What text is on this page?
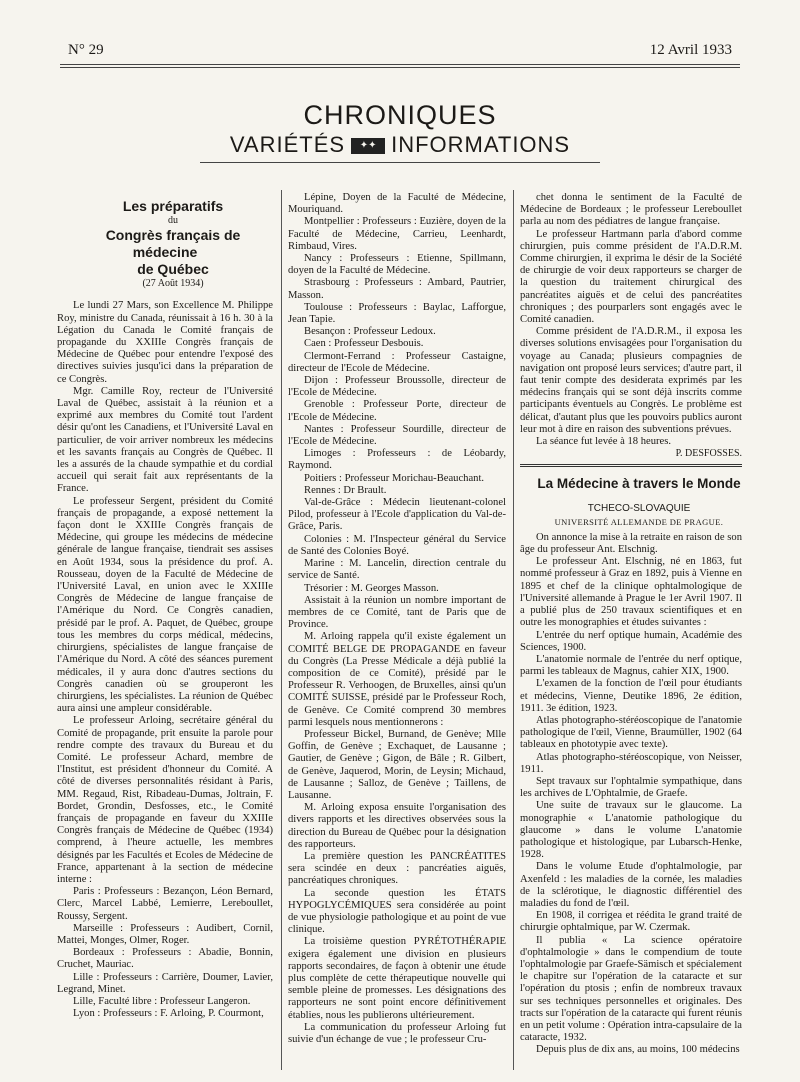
N° 29	12 Avril 1933
CHRONIQUES
VARIÉTÉS ✦✦ INFORMATIONS

Les préparatifs

du

Congrès français de médecine

de Québec

(27 Août 1934)

Le lundi 27 Mars, son Excellence M. Philippe Roy, ministre du Canada, réunissait à 16 h. 30 à la Légation du Canada le Comité français de propagande du XXIIIe Congrès français de Médecine de Québec pour entendre l'exposé des directives suivies jusqu'ici dans la préparation de ce Congrès.

Mgr. Camille Roy, recteur de l'Université Laval de Québec, assistait à la réunion et a exprimé aux membres du Comité tout l'ardent désir qu'ont les Canadiens, et l'Université Laval en particulier, de voir arriver nombreux les médecins et les savants français au Congrès de Québec. Il les a assurés de la chaude sympathie et du cordial accueil qui serait fait aux représentants de la France.

Le professeur Sergent, président du Comité français de propagande, a exposé nettement la façon dont le XXIIIe Congrès français de Médecine, qui groupe les médecins de médecine générale de langue française, tiendrait ses assises en Août 1934, sous la présidence du prof. A. Rousseau, doyen de la Faculté de Médecine de l'Université Laval, en union avec le XXIIIe Congrès de Médecine de langue française de l'Amérique du Nord. Ce Congrès canadien, présidé par le prof. A. Paquet, de Québec, groupe tous les membres du corps médical, médecins, chirurgiens, spécialistes de langue française de l'Amérique du Nord. A côté des séances purement médicales, il y aura donc d'autres sections du Congrès canadien où se grouperont les chirurgiens, les spécialistes. La réunion de Québec aura ainsi une ampleur considérable.

Le professeur Arloing, secrétaire général du Comité de propagande, prit ensuite la parole pour rendre compte des travaux du Bureau et du Comité. Le professeur Achard, membre de l'Institut, est président d'honneur du Comité. A côté de diverses personnalités résidant à Paris, MM. Regaud, Rist, Ribadeau-Dumas, Joltrain, F. Bordet, Grondin, Desfosses, etc., le Comité français de propagande en faveur du XXIIIe Congrès français de Médecine de Québec (1934) comprend, à l'heure actuelle, les membres désignés par les Facultés et Ecoles de Médecine de France, appartenant à la section de médecine interne :

Paris : Professeurs : Bezançon, Léon Bernard, Clerc, Marcel Labbé, Lemierre, Lereboullet, Roussy, Sergent.

Marseille : Professeurs : Audibert, Cornil, Mattei, Monges, Olmer, Roger.

Bordeaux : Professeurs : Abadie, Bonnin, Cruchet, Mauriac.

Lille : Professeurs : Carrière, Doumer, Lavier, Legrand, Minet.

Lille, Faculté libre : Professeur Langeron.

Lyon : Professeurs : F. Arloing, P. Courmont,

Lépine, Doyen de la Faculté de Médecine, Mouriquand.

Montpellier : Professeurs : Euzière, doyen de la Faculté de Médecine, Carrieu, Leenhardt, Rimbaud, Vires.

Nancy : Professeurs : Etienne, Spillmann, doyen de la Faculté de Médecine.

Strasbourg : Professeurs : Ambard, Pautrier, Masson.

Toulouse : Professeurs : Baylac, Lafforgue, Jean Tapie.

Besançon : Professeur Ledoux.

Caen : Professeur Desbouis.

Clermont-Ferrand : Professeur Castaigne, directeur de l'Ecole de Médecine.

Dijon : Professeur Broussolle, directeur de l'Ecole de Médecine.

Grenoble : Professeur Porte, directeur de l'Ecole de Médecine.

Nantes : Professeur Sourdille, directeur de l'Ecole de Médecine.

Limoges : Professeurs : de Léobardy, Raymond.

Poitiers : Professeur Morichau-Beauchant.

Rennes : Dr Brault.

Val-de-Grâce : Médecin lieutenant-colonel Pilod, professeur à l'Ecole d'application du Val-de-Grâce, Paris.

Colonies : M. l'Inspecteur général du Service de Santé des Colonies Boyé.

Marine : M. Lancelin, direction centrale du service de Santé.

Trésorier : M. Georges Masson.

Assistait à la réunion un nombre important de membres de ce Comité, tant de Paris que de Province.

M. Arloing rappela qu'il existe également un COMITÉ BELGE DE PROPAGANDE en faveur du Congrès (La Presse Médicale a déjà publié la composition de ce Comité), présidé par le Professeur R. Verhoogen, de Bruxelles, ainsi qu'un COMITÉ SUISSE, présidé par le Professeur Roch, de Genève. Ce Comité comprend 30 membres parmi lesquels nous mentionnerons :

Professeur Bickel, Burnand, de Genève; Mlle Goffin, de Genève ; Exchaquet, de Lausanne ; Gautier, de Genève ; Gigon, de Bâle ; R. Gilbert, de Genève, Jaquerod, Morin, de Leysin; Michaud, de Lausanne ; Salloz, de Genève ; Taillens, de Lausanne.

M. Arloing exposa ensuite l'organisation des divers rapports et les directives observées sous la direction du Bureau de Québec pour la désignation des rapporteurs.

La première question les PANCRÉATITES sera scindée en deux : pancréaties aiguës, pancréatiques chroniques.

La seconde question les ÉTATS HYPOGLYCÉMIQUES sera considérée au point de vue physiologie pathologique et au point de vue clinique.

La troisième question PYRÉTOTHÉRAPIE exigera également une division en plusieurs rapports secondaires, de façon à obtenir une étude plus complète de cette thérapeutique nouvelle qui semble pleine de promesses. Les désignations des rapporteurs ne sont point encore définitivement établies, nous les publierons ultérieurement.

La communication du professeur Arloing fut suivie d'un échange de vue ; le professeur Cru-

chet donna le sentiment de la Faculté de Médecine de Bordeaux ; le professeur Lereboullet parla au nom des pédiatres de langue française.

Le professeur Hartmann parla d'abord comme chirurgien, puis comme président de l'A.D.R.M. Comme chirurgien, il exprima le désir de la Société de chirurgie de voir deux rapporteurs se charger de la question du traitement chirurgical des pancréatites aiguës et de celui des pancréatites chroniques ; des pourparlers sont engagés avec le Comité canadien.

Comme président de l'A.D.R.M., il exposa les diverses solutions envisagées pour l'organisation du voyage au Canada; plusieurs compagnies de navigation ont proposé leurs services; d'autre part, il faut tenir compte des desiderata exprimés par les médecins français qui se sont déjà inscrits comme participants éventuels au Congrès. Le problème est délicat, d'autant plus que les pouvoirs publics auront leur mot à dire en raison des subventions prévues.

La séance fut levée à 18 heures.

P. DESFOSSES.

La Médecine à travers le Monde

TCHECO-SLOVAQUIE

UNIVERSITÉ ALLEMANDE DE PRAGUE.

On annonce la mise à la retraite en raison de son âge du professeur Ant. Elschnig.

Le professeur Ant. Elschnig, né en 1863, fut nommé professeur à Graz en 1892, puis à Vienne en 1895 et chef de la clinique ophtalmologique de l'Université allemande à Prague le 1er Avril 1907. Il a publié plus de 250 travaux scientifiques et en outre les monographies et études suivantes :

L'entrée du nerf optique humain, Académie des Sciences, 1900.

L'anatomie normale de l'entrée du nerf optique, parmi les tableaux de Magnus, cahier XIX, 1900.

L'examen de la fonction de l'œil pour étudiants et médecins, Vienne, Deutike 1896, 2e édition, 1911. 3e édition, 1923.

Atlas photographo-stéréoscopique de l'anatomie pathologique de l'œil, Vienne, Braumüller, 1902 (64 tableaux en phototypie avec texte).

Atlas photographo-stéréoscopique, von Neisser, 1911.

Sept travaux sur l'ophtalmie sympathique, dans les archives de L'Ophtalmie, de Graefe.

Une suite de travaux sur le glaucome. La monographie « L'anatomie pathologique du glaucome » dans le volume L'anatomie pathologique et histologique, par Lubarsch-Henke, 1928.

Dans le volume Etude d'ophtalmologie, par Axenfeld : les maladies de la cornée, les maladies de la sclérotique, le diagnostic différentiel des maladies du fond de l'œil.

En 1908, il corrigea et réédita le grand traité de chirurgie ophtalmique, par W. Czermak.

Il publia « La science opératoire d'ophtalmologie » dans le compendium de toute l'ophtalmologie par Graefe-Sämisch et spécialement le chapitre sur l'opération de la cataracte et sur l'opération du ptosis ; enfin de nombreux travaux sur ses techniques personnelles et originales. Des tracts sur l'opération de la cataracte qui furent réunis en un petit volume : Opération intra-capsulaire de la cataracte, 1932.

Depuis plus de dix ans, au moins, 100 médecins
